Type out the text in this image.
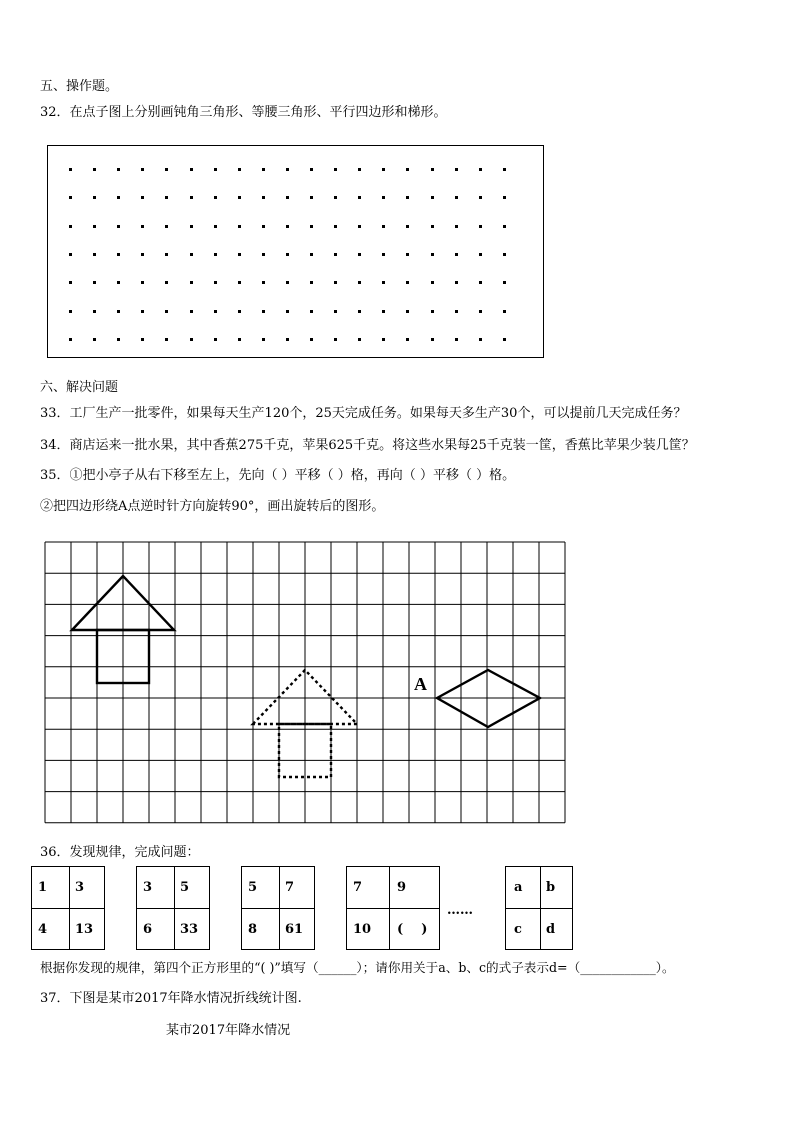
五、操作题。
32．在点子图上分别画钝角三角形、等腰三角形、平行四边形和梯形。
六、解决问题
33．工厂生产一批零件，如果每天生产120个，25天完成任务。如果每天多生产30个，可以提前几天完成任务？
34．商店运来一批水果，其中香蕉275千克，苹果625千克。将这些水果每25千克装一筐，香蕉比苹果少装几筐？
35．①把小亭子从右下移至左上，先向（ ）平移（ ）格，再向（ ）平移（ ）格。
②把四边形绕A点逆时针方向旋转90°，画出旋转后的图形。
A
36．发现规律，完成问题：
1 3
4 13
3 5
6 33
5 7
8 61
7	9
10 (    )
……
a b
c d
根据你发现的规律，第四个正方形里的“( )”填写（______）；请你用关于a、b、c的式子表示d=（____________）。
37．下图是某市2017年降水情况折线统计图.
某市2017年降水情况
